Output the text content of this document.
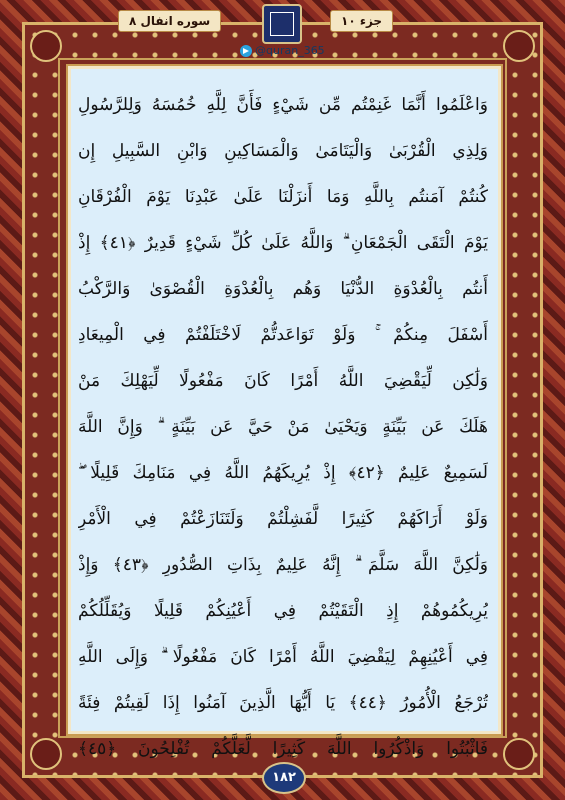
جزء ١٠
سوره انفال ٨
@quran_365
وَاعْلَمُوا أَنَّمَا غَنِمْتُم مِّن شَيْءٍ فَأَنَّ لِلَّهِ خُمُسَهُ وَلِلرَّسُولِ
وَلِذِي الْقُرْبَىٰ وَالْيَتَامَىٰ وَالْمَسَاكِينِ وَابْنِ السَّبِيلِ إِن
كُنتُمْ آمَنتُم بِاللَّهِ وَمَا أَنزَلْنَا عَلَىٰ عَبْدِنَا يَوْمَ الْفُرْقَانِ
يَوْمَ الْتَقَى الْجَمْعَانِ ۗ وَاللَّهُ عَلَىٰ كُلِّ شَيْءٍ قَدِيرٌ ﴿٤١﴾ إِذْ
أَنتُم بِالْعُدْوَةِ الدُّنْيَا وَهُم بِالْعُدْوَةِ الْقُصْوَىٰ وَالرَّكْبُ
أَسْفَلَ مِنكُمْ ۚ وَلَوْ تَوَاعَدتُّمْ لَاخْتَلَفْتُمْ فِي الْمِيعَادِ
وَلَٰكِن لِّيَقْضِيَ اللَّهُ أَمْرًا كَانَ مَفْعُولًا لِّيَهْلِكَ مَنْ
هَلَكَ عَن بَيِّنَةٍ وَيَحْيَىٰ مَنْ حَيَّ عَن بَيِّنَةٍ ۗ وَإِنَّ اللَّهَ
لَسَمِيعٌ عَلِيمٌ ﴿٤٢﴾ إِذْ يُرِيكَهُمُ اللَّهُ فِي مَنَامِكَ قَلِيلًا ۖ
وَلَوْ أَرَاكَهُمْ كَثِيرًا لَّفَشِلْتُمْ وَلَتَنَازَعْتُمْ فِي الْأَمْرِ
وَلَٰكِنَّ اللَّهَ سَلَّمَ ۗ إِنَّهُ عَلِيمٌ بِذَاتِ الصُّدُورِ ﴿٤٣﴾ وَإِذْ
يُرِيكُمُوهُمْ إِذِ الْتَقَيْتُمْ فِي أَعْيُنِكُمْ قَلِيلًا وَيُقَلِّلُكُمْ
فِي أَعْيُنِهِمْ لِيَقْضِيَ اللَّهُ أَمْرًا كَانَ مَفْعُولًا ۗ وَإِلَى اللَّهِ
تُرْجَعُ الْأُمُورُ ﴿٤٤﴾ يَا أَيُّهَا الَّذِينَ آمَنُوا إِذَا لَقِيتُمْ فِئَةً
فَاثْبُتُوا وَاذْكُرُوا اللَّهَ كَثِيرًا لَّعَلَّكُمْ تُفْلِحُونَ ﴿٤٥﴾
١٨٢
